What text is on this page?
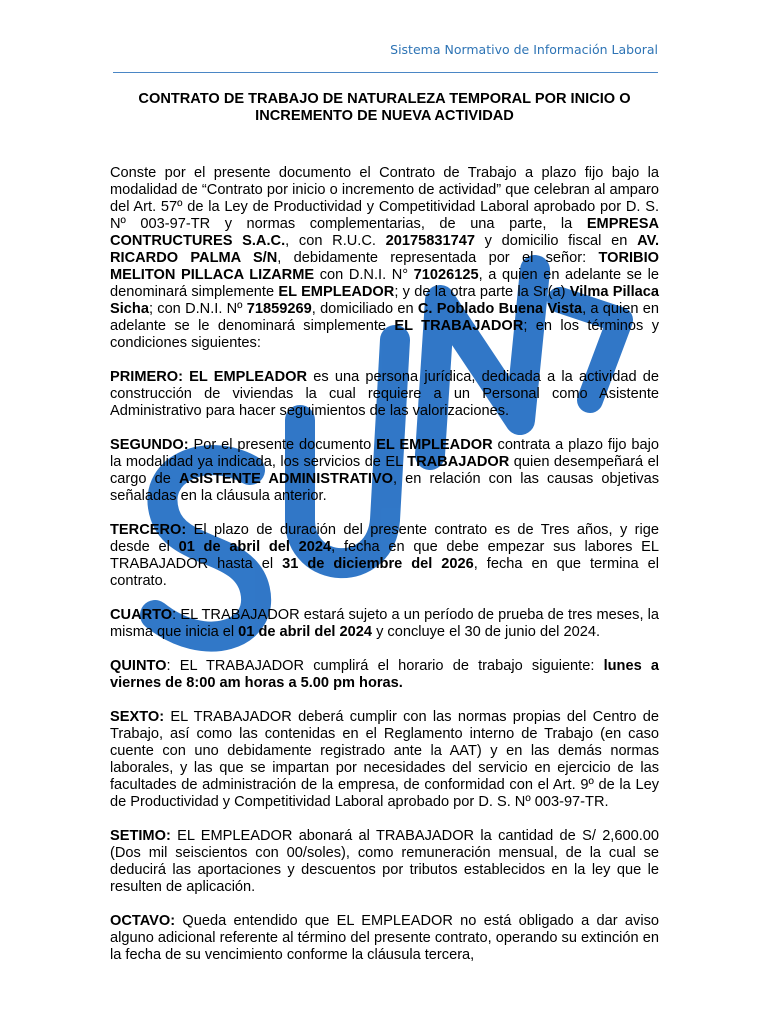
Sistema Normativo de Información Laboral
CONTRATO DE TRABAJO DE NATURALEZA TEMPORAL POR INICIO O
INCREMENTO DE NUEVA ACTIVIDAD

Conste por el presente documento el Contrato de Trabajo a plazo fijo bajo la modalidad de “Contrato por inicio o incremento de actividad” que celebran al amparo del Art. 57º de la Ley de Productividad y Competitividad Laboral aprobado por D. S. Nº 003-97-TR y normas complementarias, de una parte, la EMPRESA CONTRUCTURES S.A.C., con R.U.C. 20175831747 y domicilio fiscal en AV. RICARDO PALMA S/N, debidamente representada por el señor: TORIBIO MELITON PILLACA LIZARME con D.N.I. N° 71026125, a quien en adelante se le denominará simplemente EL EMPLEADOR; y de la otra parte la Sr(a) Vilma Pillaca Sicha; con D.N.I. Nº 71859269, domiciliado en C. Poblado Buena Vista, a quien en adelante se le denominará simplemente EL TRABAJADOR; en los términos y condiciones siguientes:

PRIMERO: EL EMPLEADOR es una persona jurídica, dedicada a la actividad de construcción de viviendas la cual requiere a un Personal como Asistente Administrativo para hacer seguimientos de las valorizaciones.

SEGUNDO: Por el presente documento EL EMPLEADOR contrata a plazo fijo bajo la modalidad ya indicada, los servicios de EL TRABAJADOR quien desempeñará el cargo de ASISTENTE ADMINISTRATIVO, en relación con las causas objetivas señaladas en la cláusula anterior.

TERCERO: El plazo de duración del presente contrato es de Tres años, y rige desde el 01 de abril del 2024, fecha en que debe empezar sus labores EL TRABAJADOR hasta el 31 de diciembre del 2026, fecha en que termina el contrato.

CUARTO: EL TRABAJADOR estará sujeto a un período de prueba de tres meses, la misma que inicia el 01 de abril del 2024 y concluye el 30 de junio del 2024.

QUINTO: EL TRABAJADOR cumplirá el horario de trabajo siguiente: lunes a viernes de 8:00 am horas a 5.00 pm horas.

SEXTO: EL TRABAJADOR deberá cumplir con las normas propias del Centro de Trabajo, así como las contenidas en el Reglamento interno de Trabajo (en caso cuente con uno debidamente registrado ante la AAT) y en las demás normas laborales, y las que se impartan por necesidades del servicio en ejercicio de las facultades de administración de la empresa, de conformidad con el Art. 9º de la Ley de Productividad y Competitividad Laboral aprobado por D. S. Nº 003-97-TR.

SETIMO: EL EMPLEADOR abonará al TRABAJADOR la cantidad de S/ 2,600.00 (Dos mil seiscientos con 00/soles), como remuneración mensual, de la cual se deducirá las aportaciones y descuentos por tributos establecidos en la ley que le resulten de aplicación.

OCTAVO: Queda entendido que EL EMPLEADOR no está obligado a dar aviso alguno adicional referente al término del presente contrato, operando su extinción en la fecha de su vencimiento conforme la cláusula tercera,
